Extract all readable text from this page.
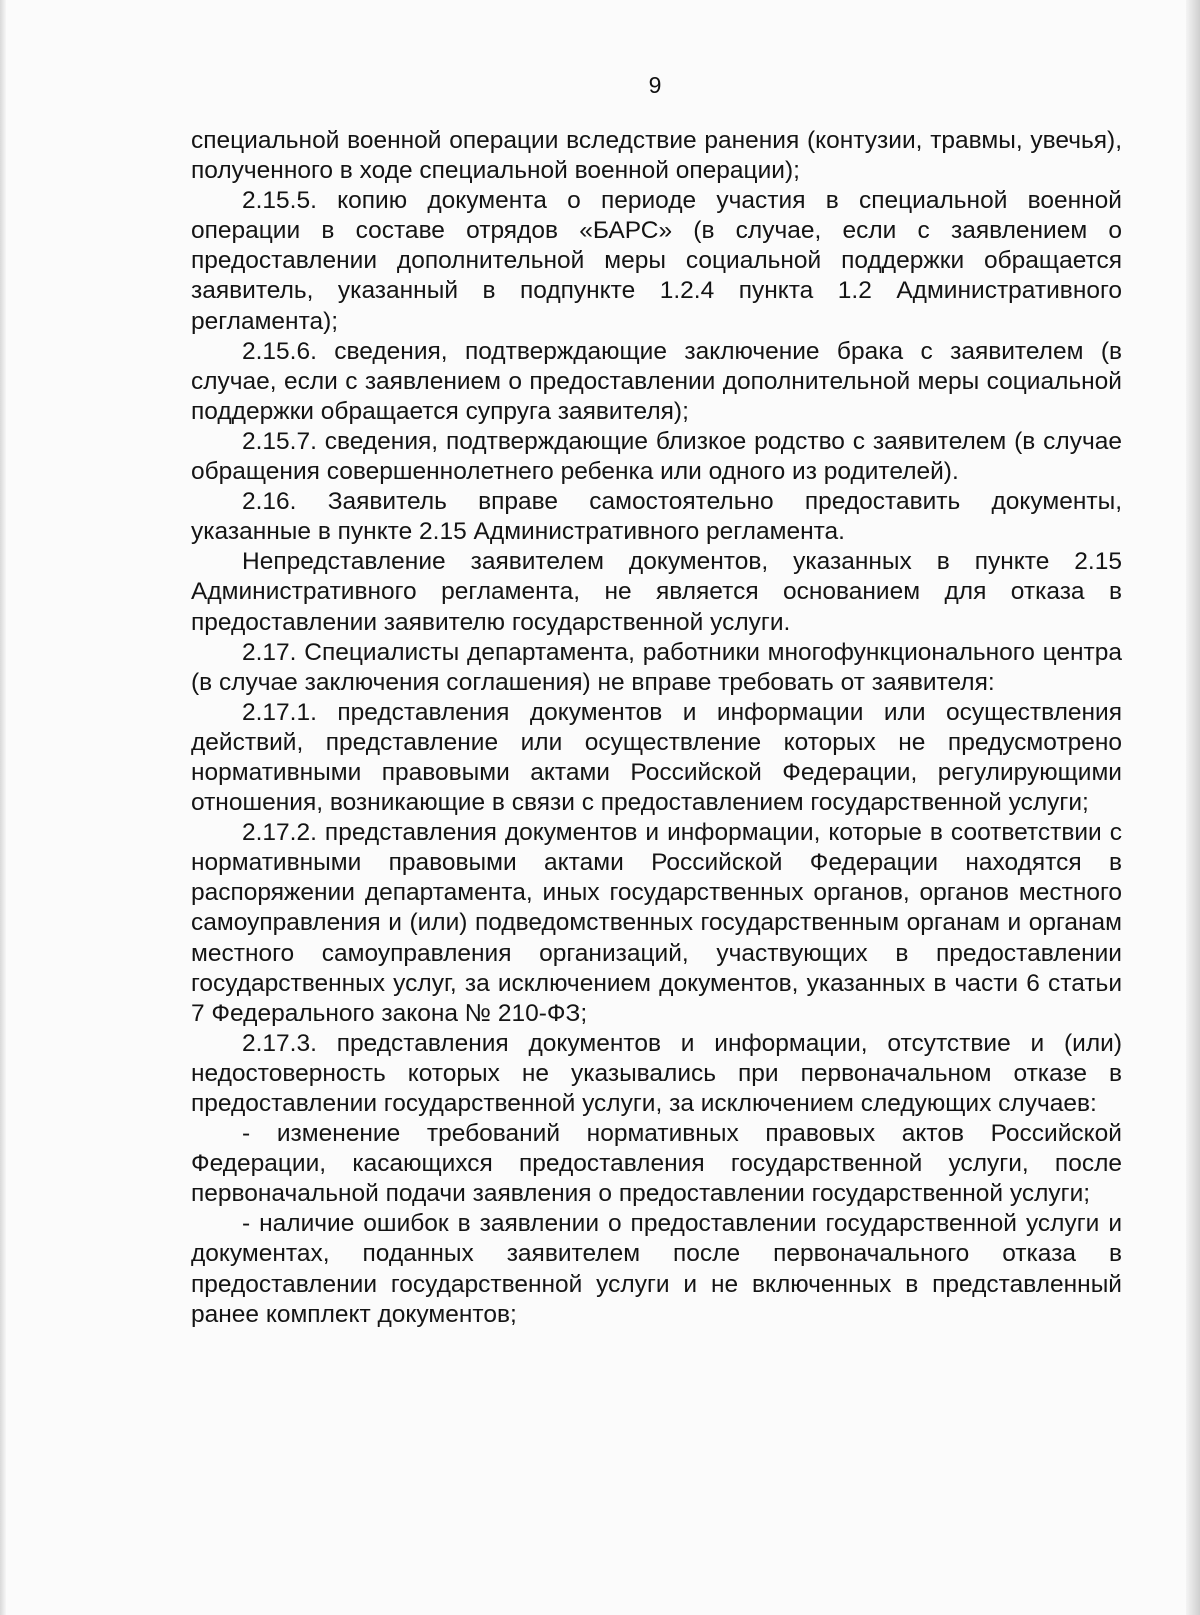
9

специальной военной операции вследствие ранения (контузии, травмы, увечья), полученного в ходе специальной военной операции);

2.15.5. копию документа о периоде участия в специальной военной операции в составе отрядов «БАРС» (в случае, если с заявлением о предоставлении дополнительной меры социальной поддержки обращается заявитель, указанный в подпункте 1.2.4 пункта 1.2 Административного регламента);

2.15.6. сведения, подтверждающие заключение брака с заявителем (в случае, если с заявлением о предоставлении дополнительной меры социальной поддержки обращается супруга заявителя);

2.15.7. сведения, подтверждающие близкое родство с заявителем (в случае обращения совершеннолетнего ребенка или одного из родителей).

2.16. Заявитель вправе самостоятельно предоставить документы, указанные в пункте 2.15 Административного регламента.

Непредставление заявителем документов, указанных в пункте 2.15 Административного регламента, не является основанием для отказа в предоставлении заявителю государственной услуги.

2.17. Специалисты департамента, работники многофункционального центра (в случае заключения соглашения) не вправе требовать от заявителя:

2.17.1. представления документов и информации или осуществления действий, представление или осуществление которых не предусмотрено нормативными правовыми актами Российской Федерации, регулирующими отношения, возникающие в связи с предоставлением государственной услуги;

2.17.2. представления документов и информации, которые в соответствии с нормативными правовыми актами Российской Федерации находятся в распоряжении департамента, иных государственных органов, органов местного самоуправления и (или) подведомственных государственным органам и органам местного самоуправления организаций, участвующих в предоставлении государственных услуг, за исключением документов, указанных в части 6 статьи 7 Федерального закона № 210-ФЗ;

2.17.3. представления документов и информации, отсутствие и (или) недостоверность которых не указывались при первоначальном отказе в предоставлении государственной услуги, за исключением следующих случаев:

- изменение требований нормативных правовых актов Российской Федерации, касающихся предоставления государственной услуги, после первоначальной подачи заявления о предоставлении государственной услуги;

- наличие ошибок в заявлении о предоставлении государственной услуги и документах, поданных заявителем после первоначального отказа в предоставлении государственной услуги и не включенных в представленный ранее комплект документов;
